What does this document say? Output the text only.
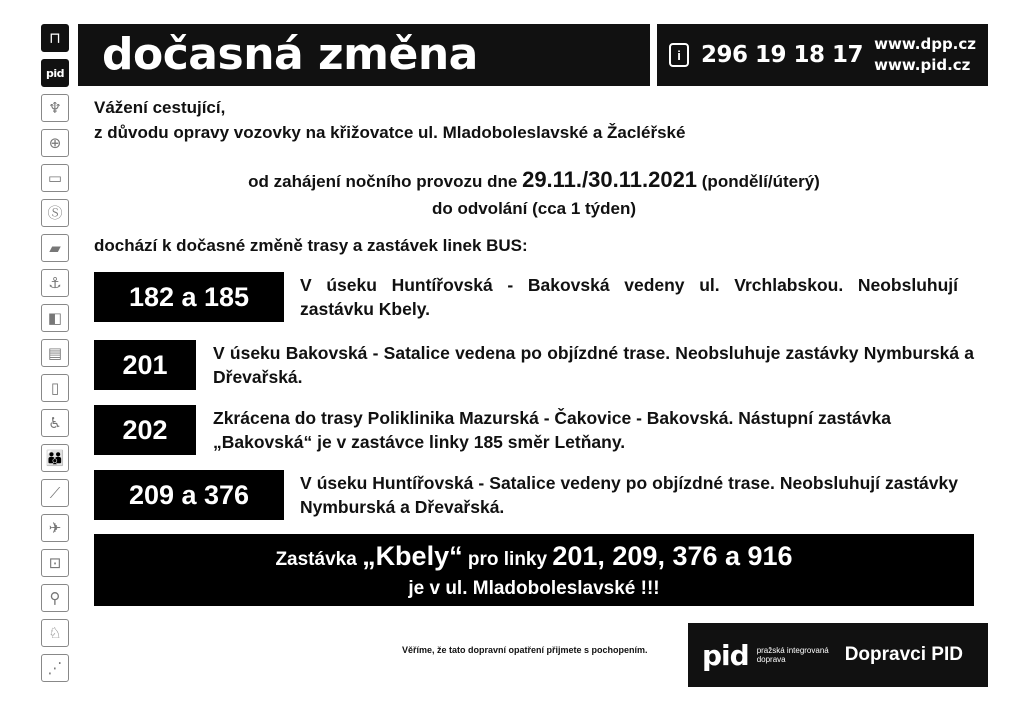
⊓
pid
♆
⊕
▭
Ⓢ
▰
⚓
◧
▤
▯
♿
👪
⟋
✈
⊡
⚲
♘
⋰
dočasná změna	i 296 19 18 17 www.dpp.cz
www.pid.cz
Vážení cestující,
z důvodu opravy vozovky na křižovatce ul. Mladoboleslavské a Žacléřské
od zahájení nočního provozu dne 29.11./30.11.2021 (pondělí/úterý)
do odvolání (cca 1 týden)
dochází k dočasné změně trasy a zastávek linek BUS:
182 a 185	V úseku Huntířovská - Bakovská vedeny ul. Vrchlabskou. Neobsluhují zastávku Kbely.
201	V úseku Bakovská - Satalice vedena po objízdné trase. Neobsluhuje zastávky Nymburská a Dřevařská.
202	Zkrácena do trasy Poliklinika Mazurská - Čakovice - Bakovská. Nástupní zastávka „Bakovská“ je v zastávce linky 185 směr Letňany.
209 a 376	V úseku Huntířovská - Satalice vedeny po objízdné trase. Neobsluhují zastávky Nymburská a Dřevařská.
Zastávka „Kbely“ pro linky 201, 209, 376 a 916
je v ul. Mladoboleslavské !!!
Věříme, že tato dopravní opatření přijmete s pochopením. pid pražská integrovaná doprava	Dopravci PID
